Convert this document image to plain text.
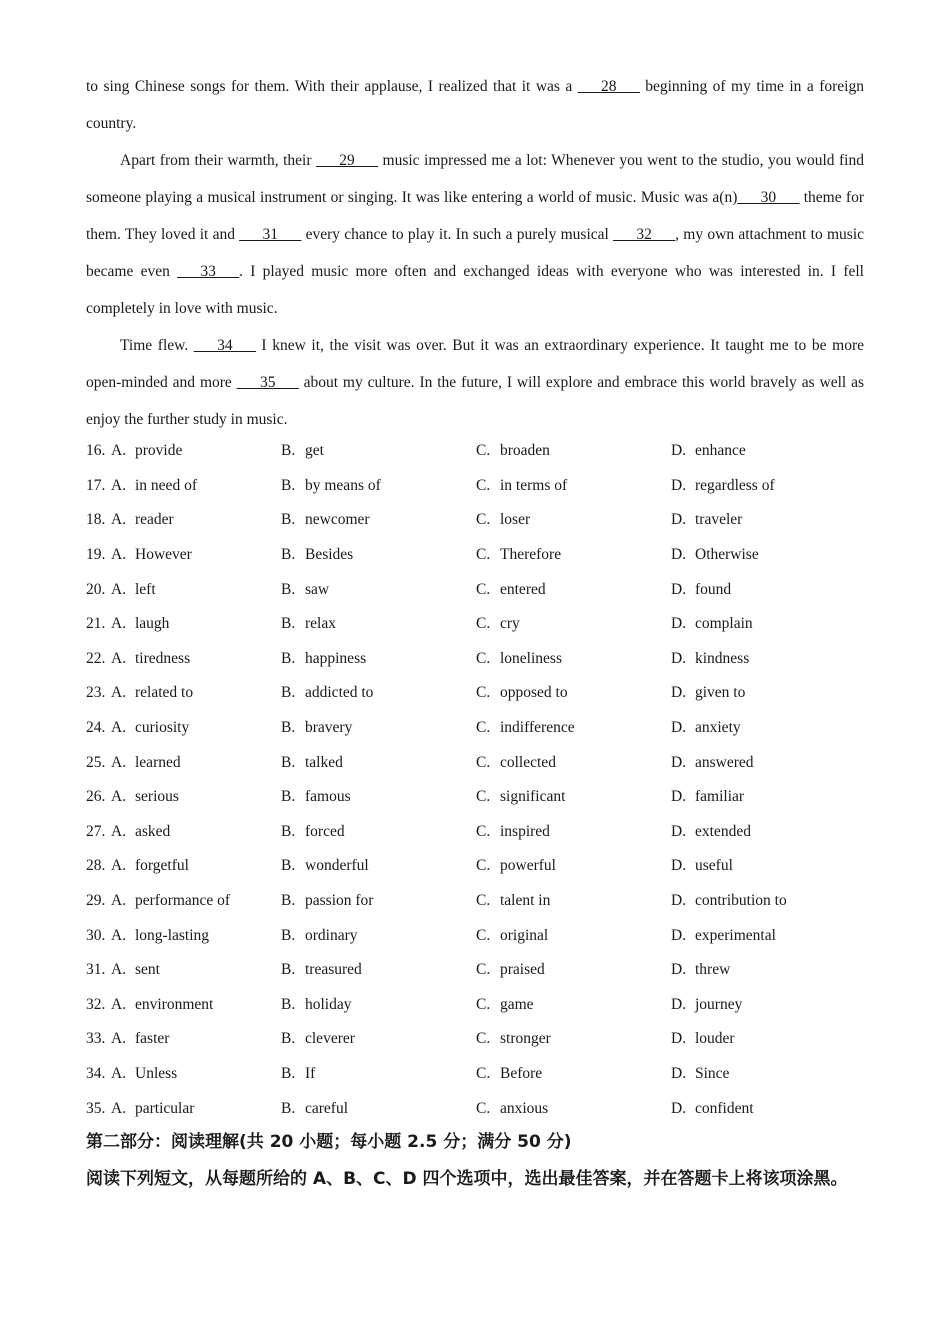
to sing Chinese songs for them. With their applause, I realized that it was a ___28___ beginning of my time in a foreign country.

Apart from their warmth, their ___29___ music impressed me a lot: Whenever you went to the studio, you would find someone playing a musical instrument or singing. It was like entering a world of music. Music was a(n)___30___ theme for them. They loved it and ___31___ every chance to play it. In such a purely musical ___32___, my own attachment to music became even ___33___. I played music more often and exchanged ideas with everyone who was interested in. I fell completely in love with music.

Time flew. ___34___ I knew it, the visit was over. But it was an extraordinary experience. It taught me to be more open-minded and more ___35___ about my culture. In the future, I will explore and embrace this world bravely as well as enjoy the further study in music.

16. A. provide	B. get	C. broaden	D. enhance
17. A. in need of	B. by means of	C. in terms of	D. regardless of
18. A. reader	B. newcomer	C. loser	D. traveler
19. A. However	B. Besides	C. Therefore	D. Otherwise
20. A. left	B. saw	C. entered	D. found
21. A. laugh	B. relax	C. cry	D. complain
22. A. tiredness	B. happiness	C. loneliness	D. kindness
23. A. related to	B. addicted to	C. opposed to	D. given to
24. A. curiosity	B. bravery	C. indifference	D. anxiety
25. A. learned	B. talked	C. collected	D. answered
26. A. serious	B. famous	C. significant	D. familiar
27. A. asked	B. forced	C. inspired	D. extended
28. A. forgetful	B. wonderful	C. powerful	D. useful
29. A. performance of	B. passion for	C. talent in	D. contribution to
30. A. long-lasting	B. ordinary	C. original	D. experimental
31. A. sent	B. treasured	C. praised	D. threw
32. A. environment	B. holiday	C. game	D. journey
33. A. faster	B. cleverer	C. stronger	D. louder
34. A. Unless	B. If	C. Before	D. Since
35. A. particular	B. careful	C. anxious	D. confident

第二部分：阅读理解(共 20 小题；每小题 2.5 分；满分 50 分)

阅读下列短文，从每题所给的 A、B、C、D 四个选项中，选出最佳答案，并在答题卡上将该项涂黑。
